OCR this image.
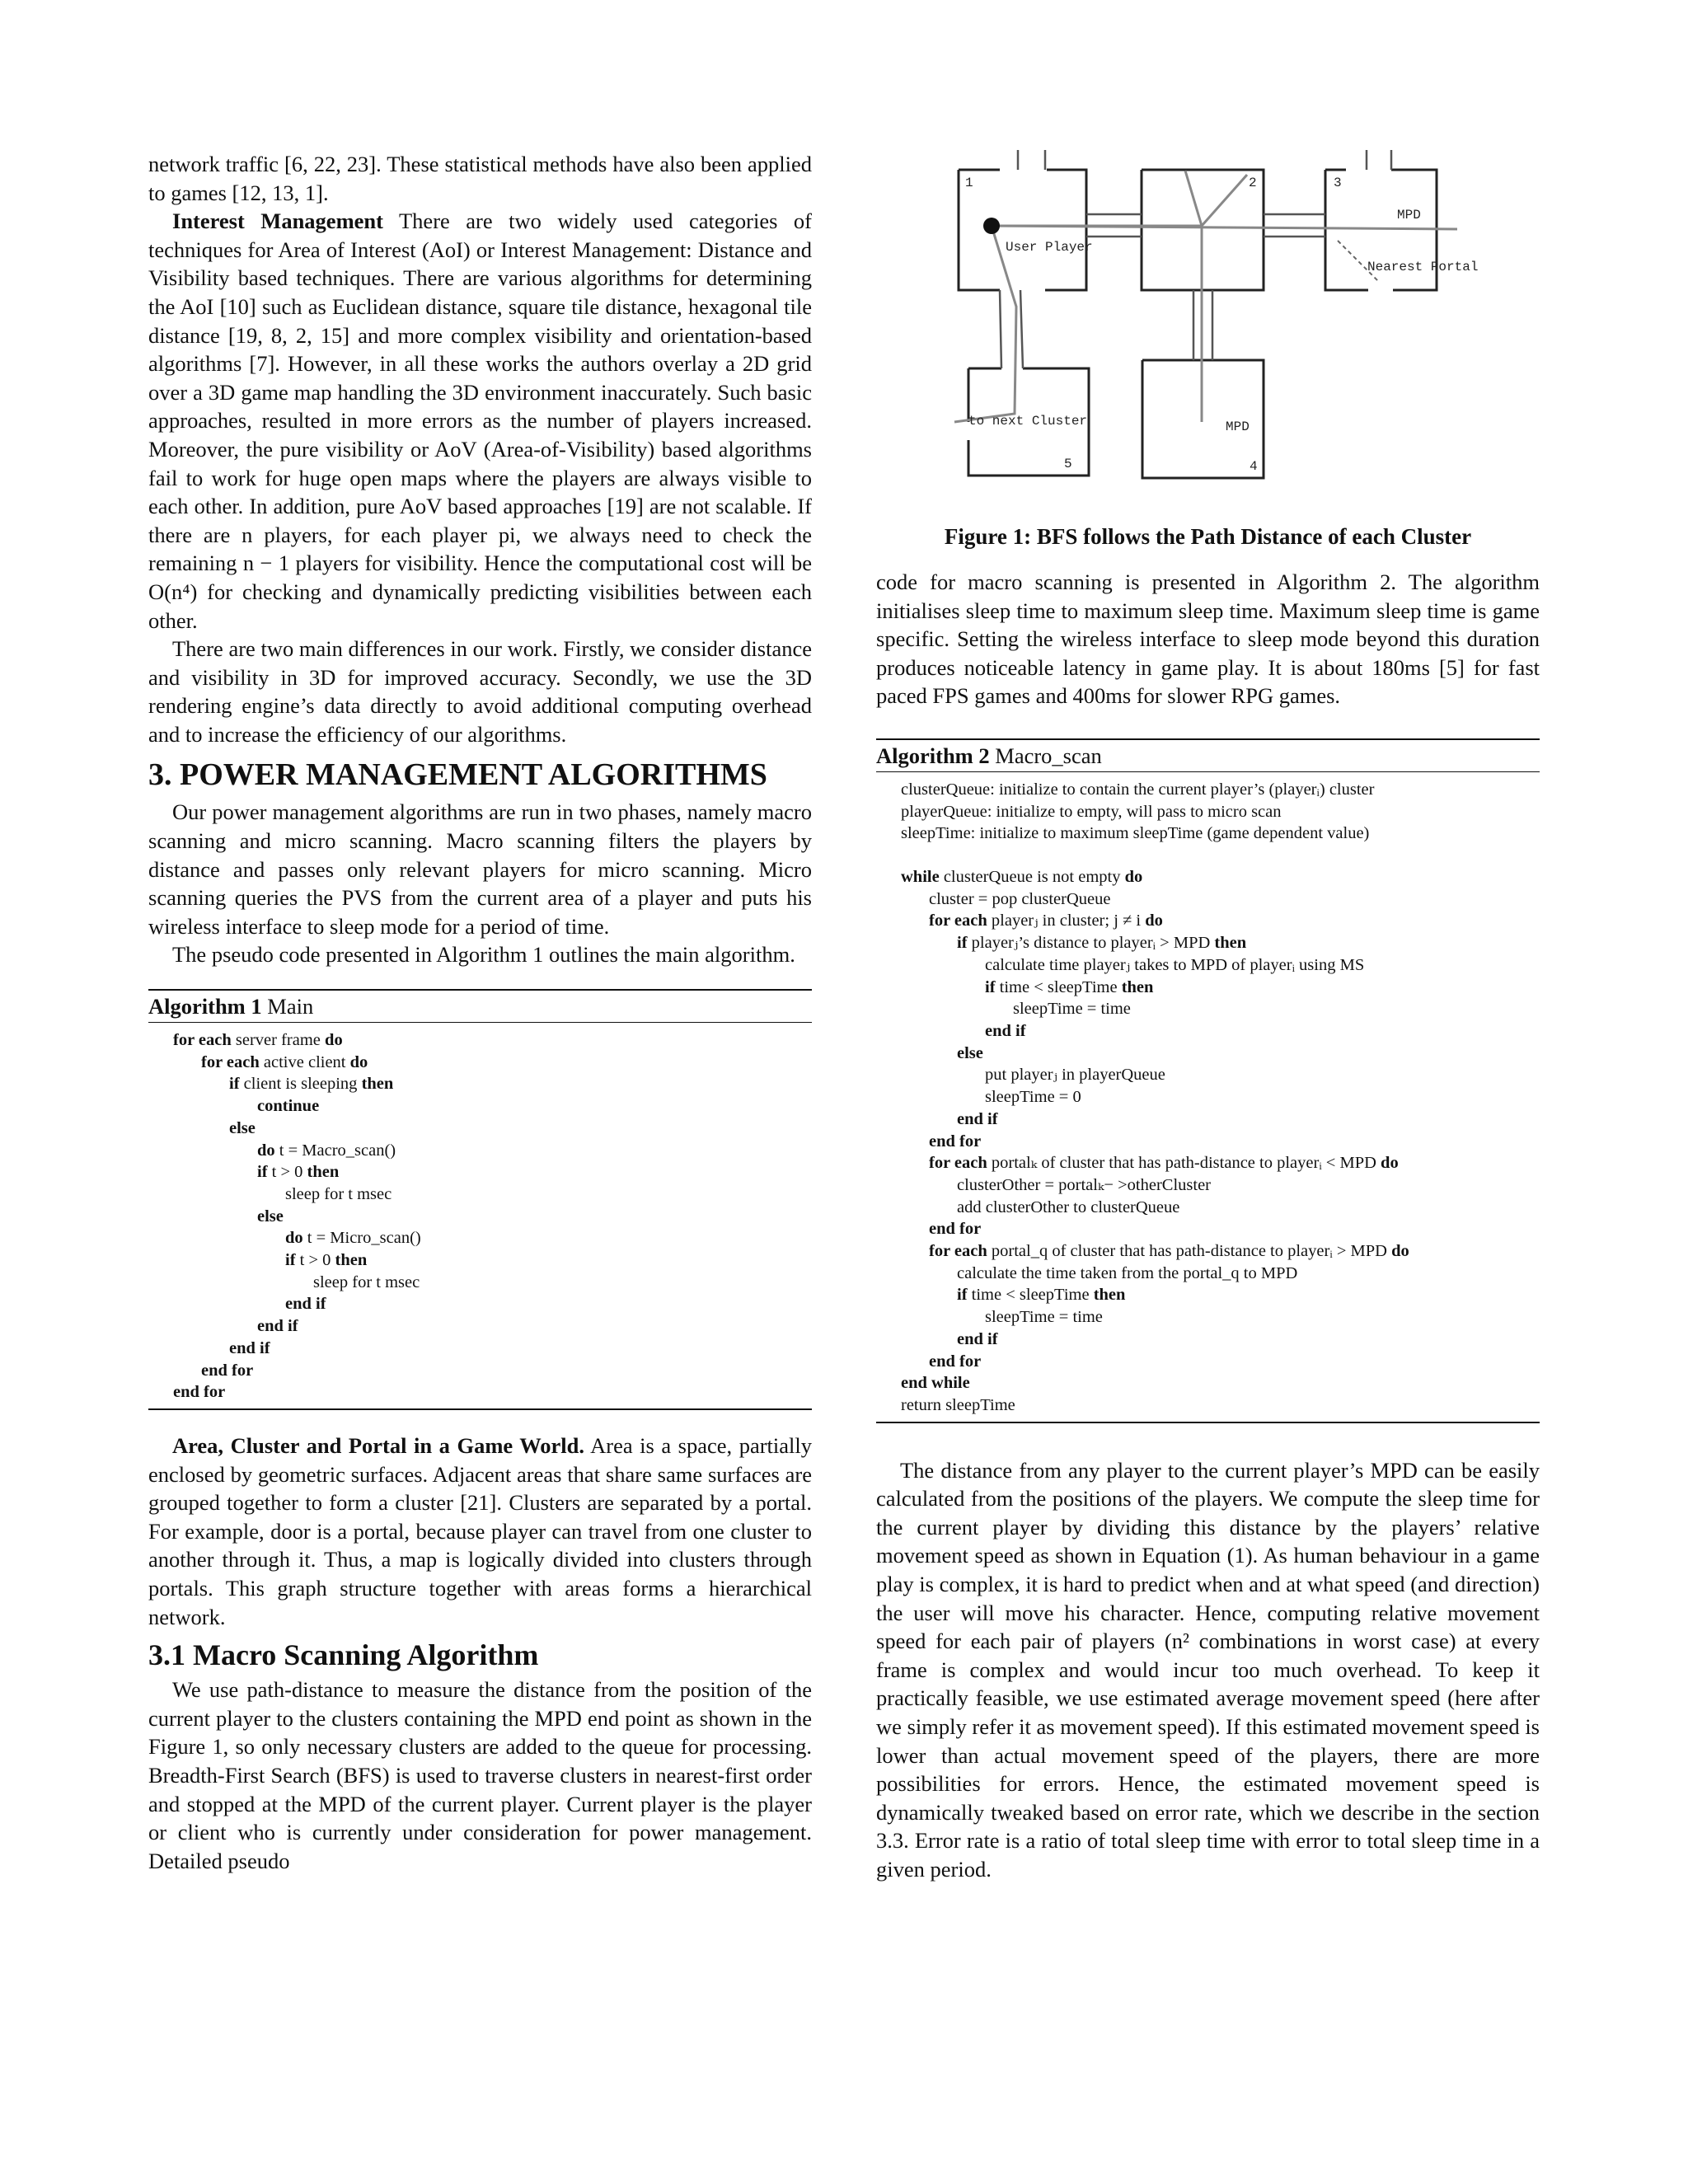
network traffic [6, 22, 23]. These statistical methods have also been applied to games [12, 13, 1].

Interest Management There are two widely used categories of techniques for Area of Interest (AoI) or Interest Management: Distance and Visibility based techniques. There are various algorithms for determining the AoI [10] such as Euclidean distance, square tile distance, hexagonal tile distance [19, 8, 2, 15] and more complex visibility and orientation-based algorithms [7]. However, in all these works the authors overlay a 2D grid over a 3D game map handling the 3D environment inaccurately. Such basic approaches, resulted in more errors as the number of players increased. Moreover, the pure visibility or AoV (Area-of-Visibility) based algorithms fail to work for huge open maps where the players are always visible to each other. In addition, pure AoV based approaches [19] are not scalable. If there are n players, for each player pi, we always need to check the remaining n − 1 players for visibility. Hence the computational cost will be O(n⁴) for checking and dynamically predicting visibilities between each other.

There are two main differences in our work. Firstly, we consider distance and visibility in 3D for improved accuracy. Secondly, we use the 3D rendering engine’s data directly to avoid additional computing overhead and to increase the efficiency of our algorithms.

3. POWER MANAGEMENT ALGORITHMS

Our power management algorithms are run in two phases, namely macro scanning and micro scanning. Macro scanning filters the players by distance and passes only relevant players for micro scanning. Micro scanning queries the PVS from the current area of a player and puts his wireless interface to sleep mode for a period of time.

The pseudo code presented in Algorithm 1 outlines the main algorithm.

Algorithm 1 Main
for each server frame do
for each active client do
if client is sleeping then
continue
else
do t = Macro_scan()
if t > 0 then
sleep for t msec
else
do t = Micro_scan()
if t > 0 then
sleep for t msec
end if
end if
end if
end for
end for

Area, Cluster and Portal in a Game World. Area is a space, partially enclosed by geometric surfaces. Adjacent areas that share same surfaces are grouped together to form a cluster [21]. Clusters are separated by a portal. For example, door is a portal, because player can travel from one cluster to another through it. Thus, a map is logically divided into clusters through portals. This graph structure together with areas forms a hierarchical network.

3.1 Macro Scanning Algorithm

We use path-distance to measure the distance from the position of the current player to the clusters containing the MPD end point as shown in the Figure 1, so only necessary clusters are added to the queue for processing. Breadth-First Search (BFS) is used to traverse clusters in nearest-first order and stopped at the MPD of the current player. Current player is the player or client who is currently under consideration for power management. Detailed pseudo

1	2	3
4
5
User Player
MPD
Nearest Portal
to next Cluster	MPD
Figure 1: BFS follows the Path Distance of each Cluster

code for macro scanning is presented in Algorithm 2. The algorithm initialises sleep time to maximum sleep time. Maximum sleep time is game specific. Setting the wireless interface to sleep mode beyond this duration produces noticeable latency in game play. It is about 180ms [5] for fast paced FPS games and 400ms for slower RPG games.

Algorithm 2 Macro_scan
clusterQueue: initialize to contain the current player’s (playerᵢ) cluster
playerQueue: initialize to empty, will pass to micro scan
sleepTime: initialize to maximum sleepTime (game dependent value)
while clusterQueue is not empty do
cluster = pop clusterQueue
for each playerⱼ in cluster; j ≠ i do
if playerⱼ’s distance to playerᵢ > MPD then
calculate time playerⱼ takes to MPD of playerᵢ using MS
if time < sleepTime then
sleepTime = time
end if
else
put playerⱼ in playerQueue
sleepTime = 0
end if
end for
for each portalₖ of cluster that has path-distance to playerᵢ < MPD do
clusterOther = portalₖ− >otherCluster
add clusterOther to clusterQueue
end for
for each portal_q of cluster that has path-distance to playerᵢ > MPD do
calculate the time taken from the portal_q to MPD
if time < sleepTime then
sleepTime = time
end if
end for
end while
return sleepTime

The distance from any player to the current player’s MPD can be easily calculated from the positions of the players. We compute the sleep time for the current player by dividing this distance by the players’ relative movement speed as shown in Equation (1). As human behaviour in a game play is complex, it is hard to predict when and at what speed (and direction) the user will move his character. Hence, computing relative movement speed for each pair of players (n² combinations in worst case) at every frame is complex and would incur too much overhead. To keep it practically feasible, we use estimated average movement speed (here after we simply refer it as movement speed). If this estimated movement speed is lower than actual movement speed of the players, there are more possibilities for errors. Hence, the estimated movement speed is dynamically tweaked based on error rate, which we describe in the section 3.3. Error rate is a ratio of total sleep time with error to total sleep time in a given period.
